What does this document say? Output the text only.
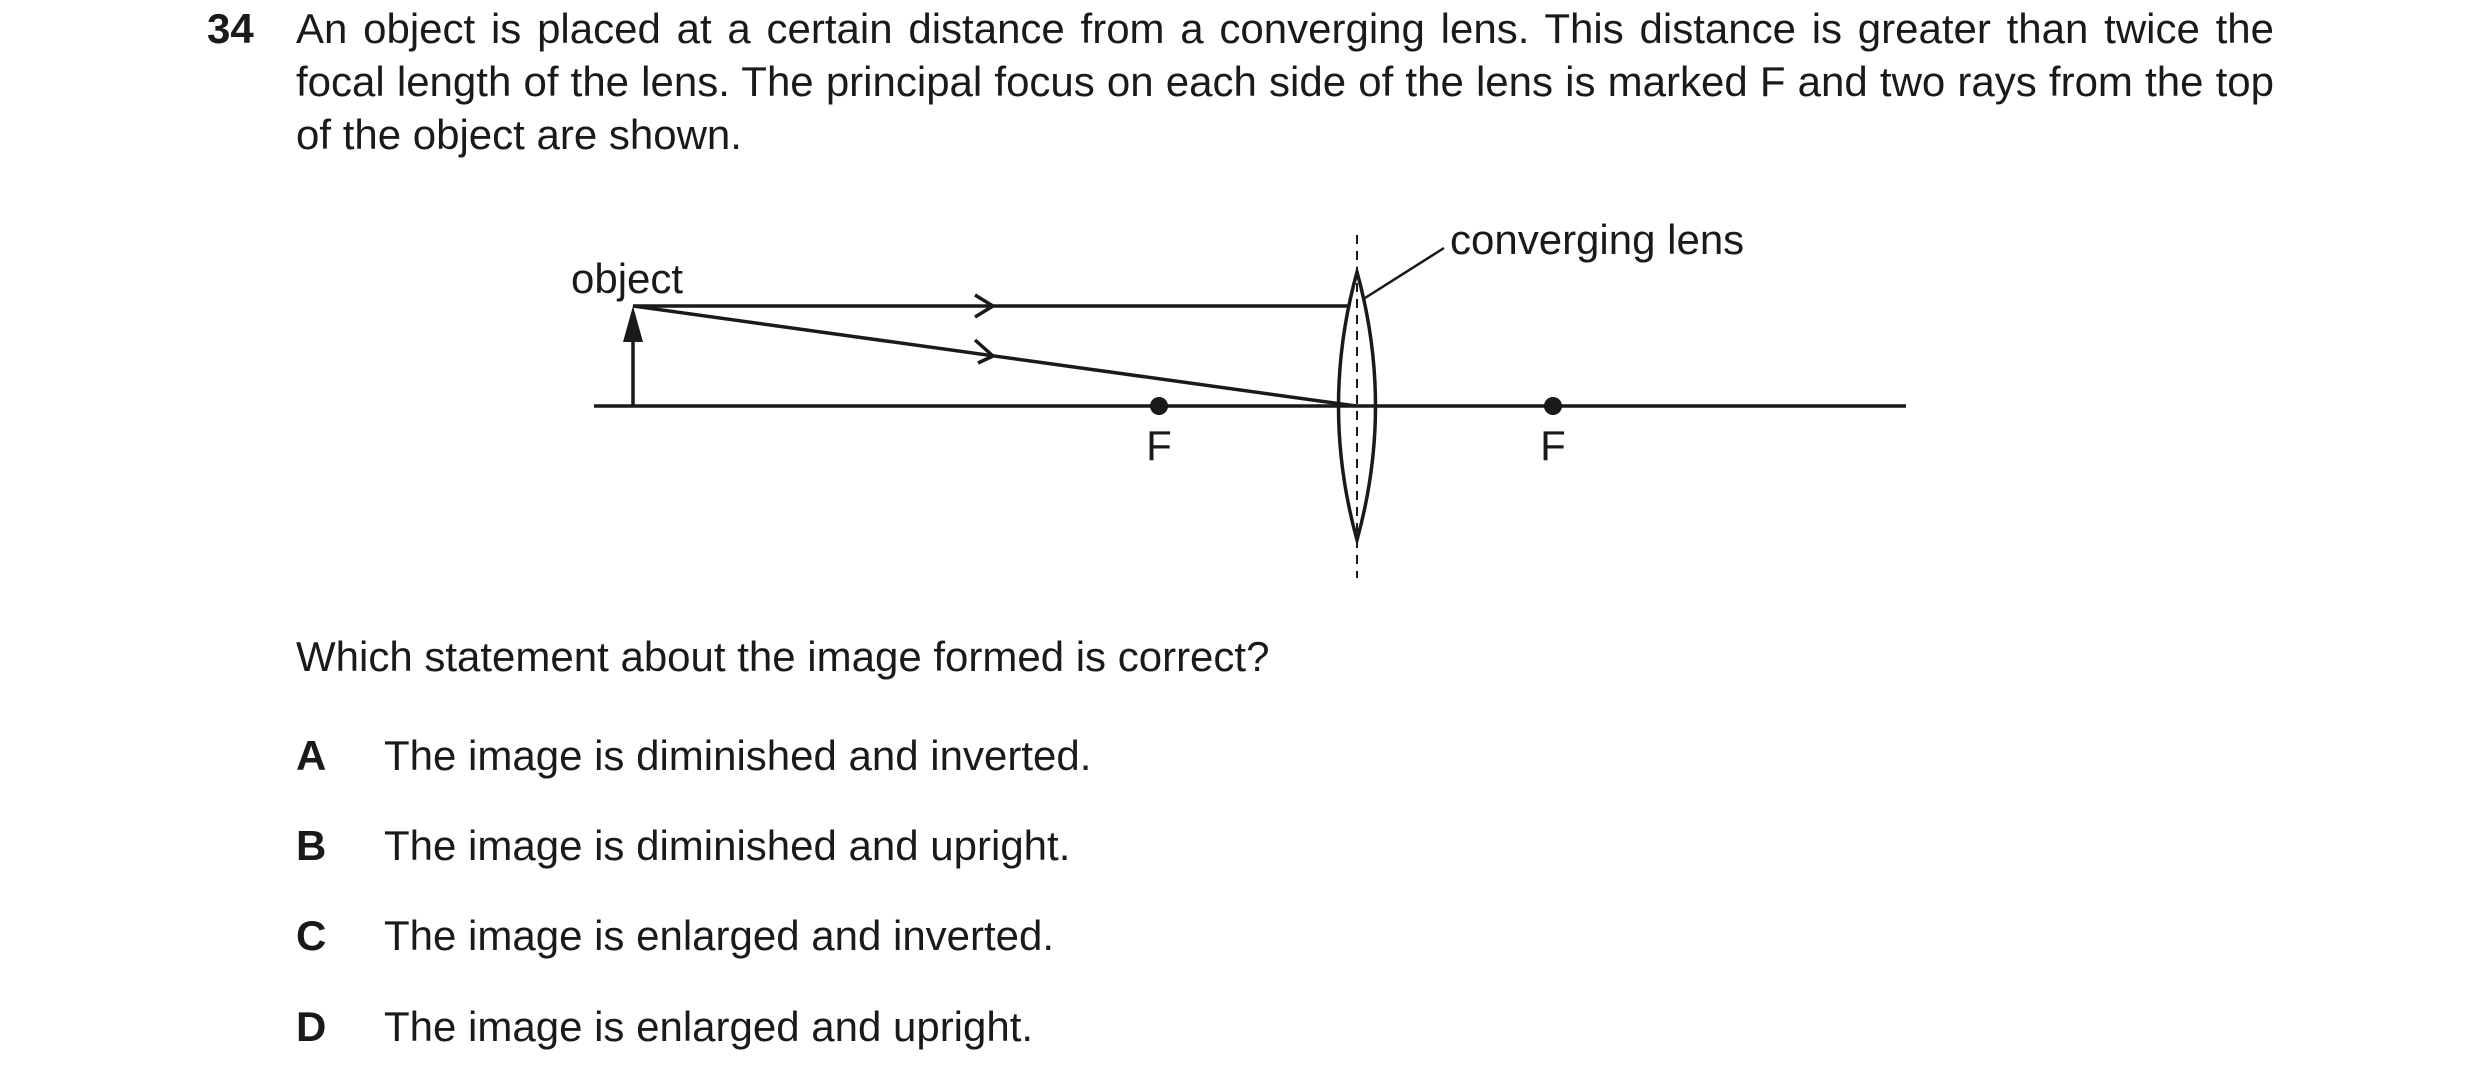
34 An object is placed at a certain distance from a converging lens. This distance is greater than twice the focal length of the lens. The principal focus on each side of the lens is marked F and two rays from the top of the object are shown.
object
converging lens
F	F
Which statement about the image formed is correct?
A The image is diminished and inverted.
B The image is diminished and upright.
C The image is enlarged and inverted.
D The image is enlarged and upright.
